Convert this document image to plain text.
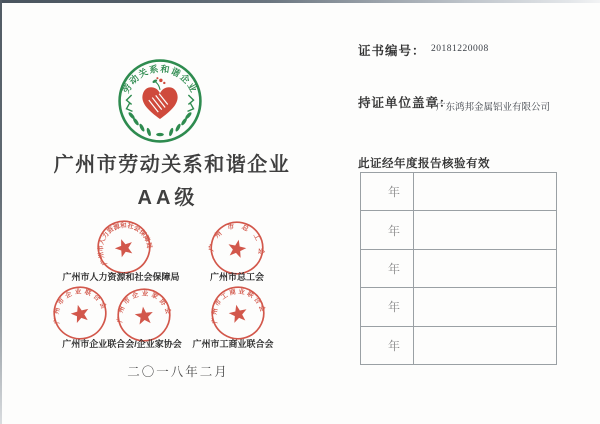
劳动关系和谐企业
广州市劳动关系和谐企业
AA级
广州市人力资源和社会保障局	广州市总工会
广州市人力资源和社会保障局	广州市总工会
广州市企业联合会
广州市企业家协会
广州市工商业联合会
广州市企业联合会/企业家协会	广州市工商业联合会
二〇一八年二月
证书编号： 20181220008
持证单位盖章：
广东鸿邦金属铝业有限公司
此证经年度报告核验有效
年
年
年
年
年
